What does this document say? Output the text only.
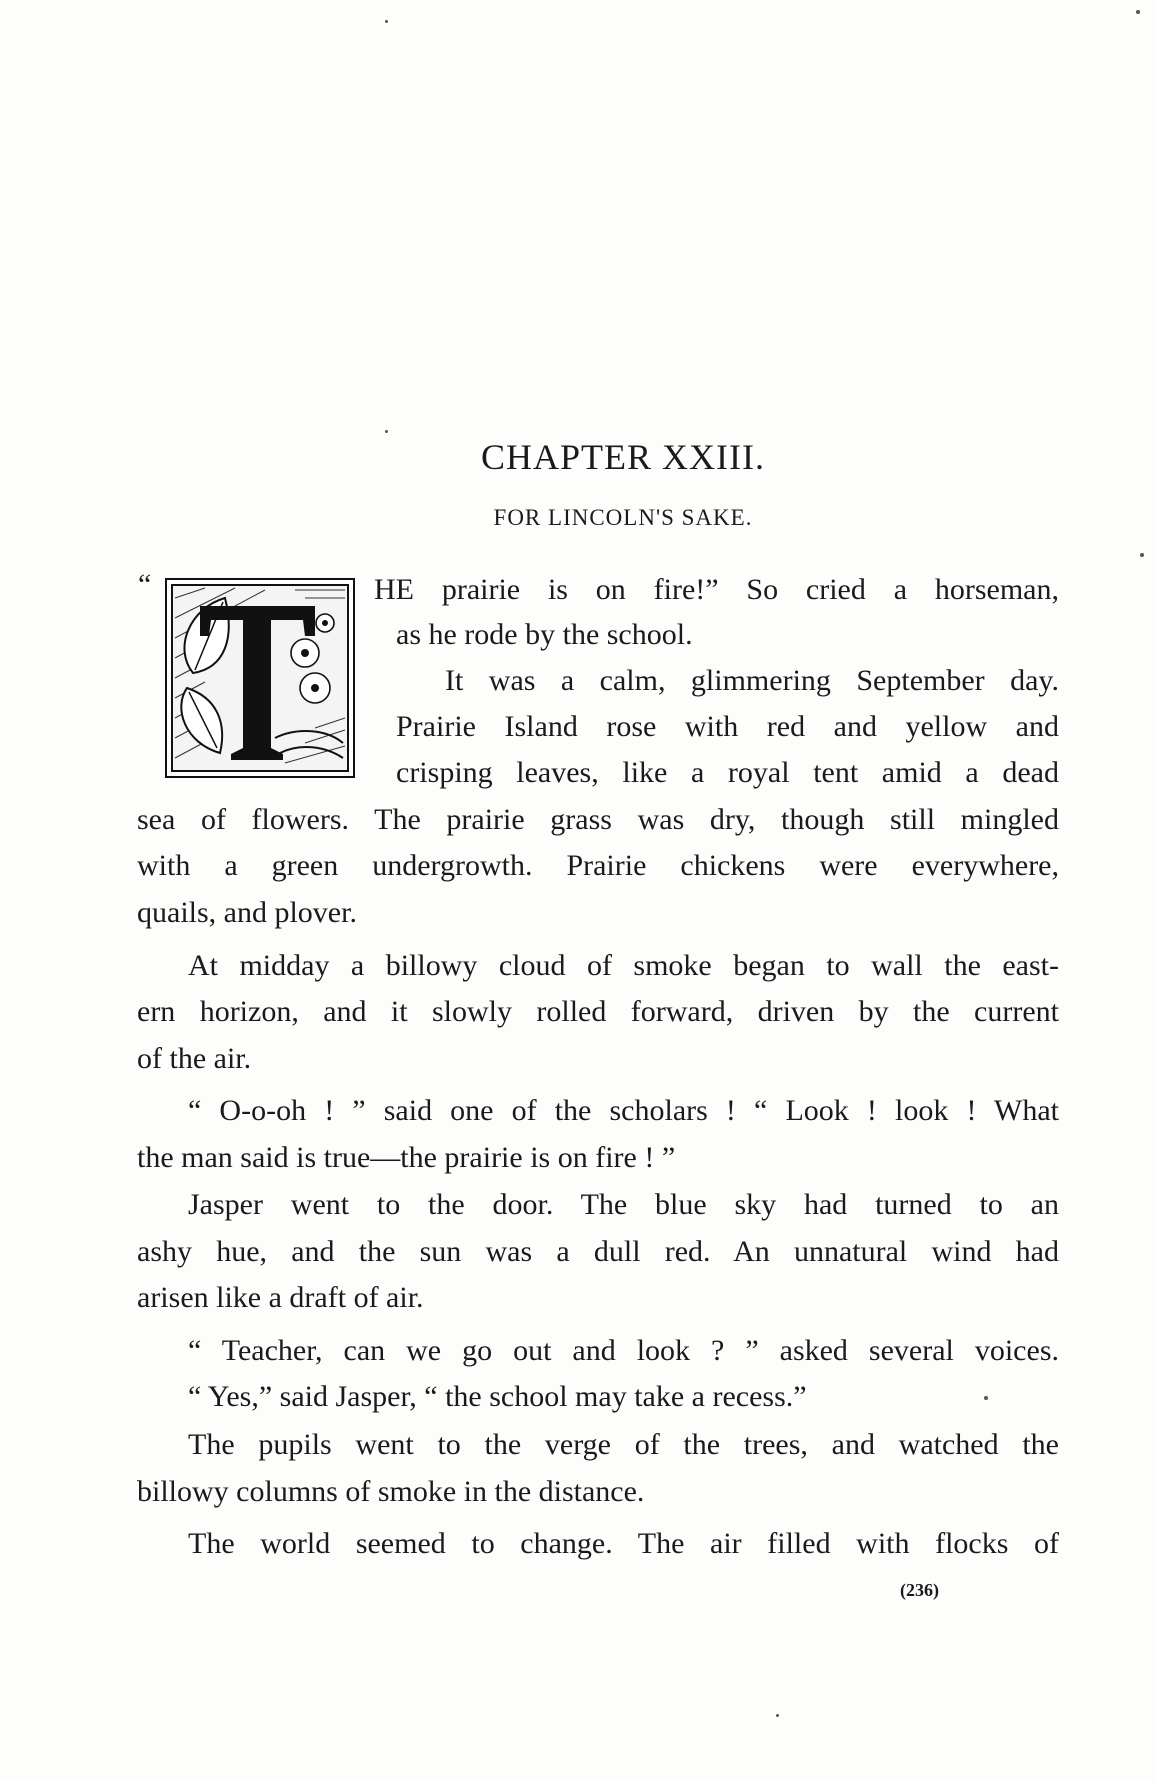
CHAPTER XXIII.
FOR LINCOLN'S SAKE.
“	HE prairie is on fire!” So cried a horseman,
as he rode by the school.
It was a calm, glimmering September day.
Prairie Island rose with red and yellow and
crisping leaves, like a royal tent amid a dead
sea of flowers. The prairie grass was dry, though still mingled
with a green undergrowth. Prairie chickens were everywhere,
quails, and plover.
At midday a billowy cloud of smoke began to wall the east-
ern horizon, and it slowly rolled forward, driven by the current
of the air.
“ O-o-oh ! ” said one of the scholars ! “ Look ! look ! What
the man said is true—the prairie is on fire ! ”
Jasper went to the door. The blue sky had turned to an
ashy hue, and the sun was a dull red. An unnatural wind had
arisen like a draft of air.
“ Teacher, can we go out and look ? ” asked several voices.
“ Yes,” said Jasper, “ the school may take a recess.”
The pupils went to the verge of the trees, and watched the
billowy columns of smoke in the distance.
The world seemed to change. The air filled with flocks of
(236)
